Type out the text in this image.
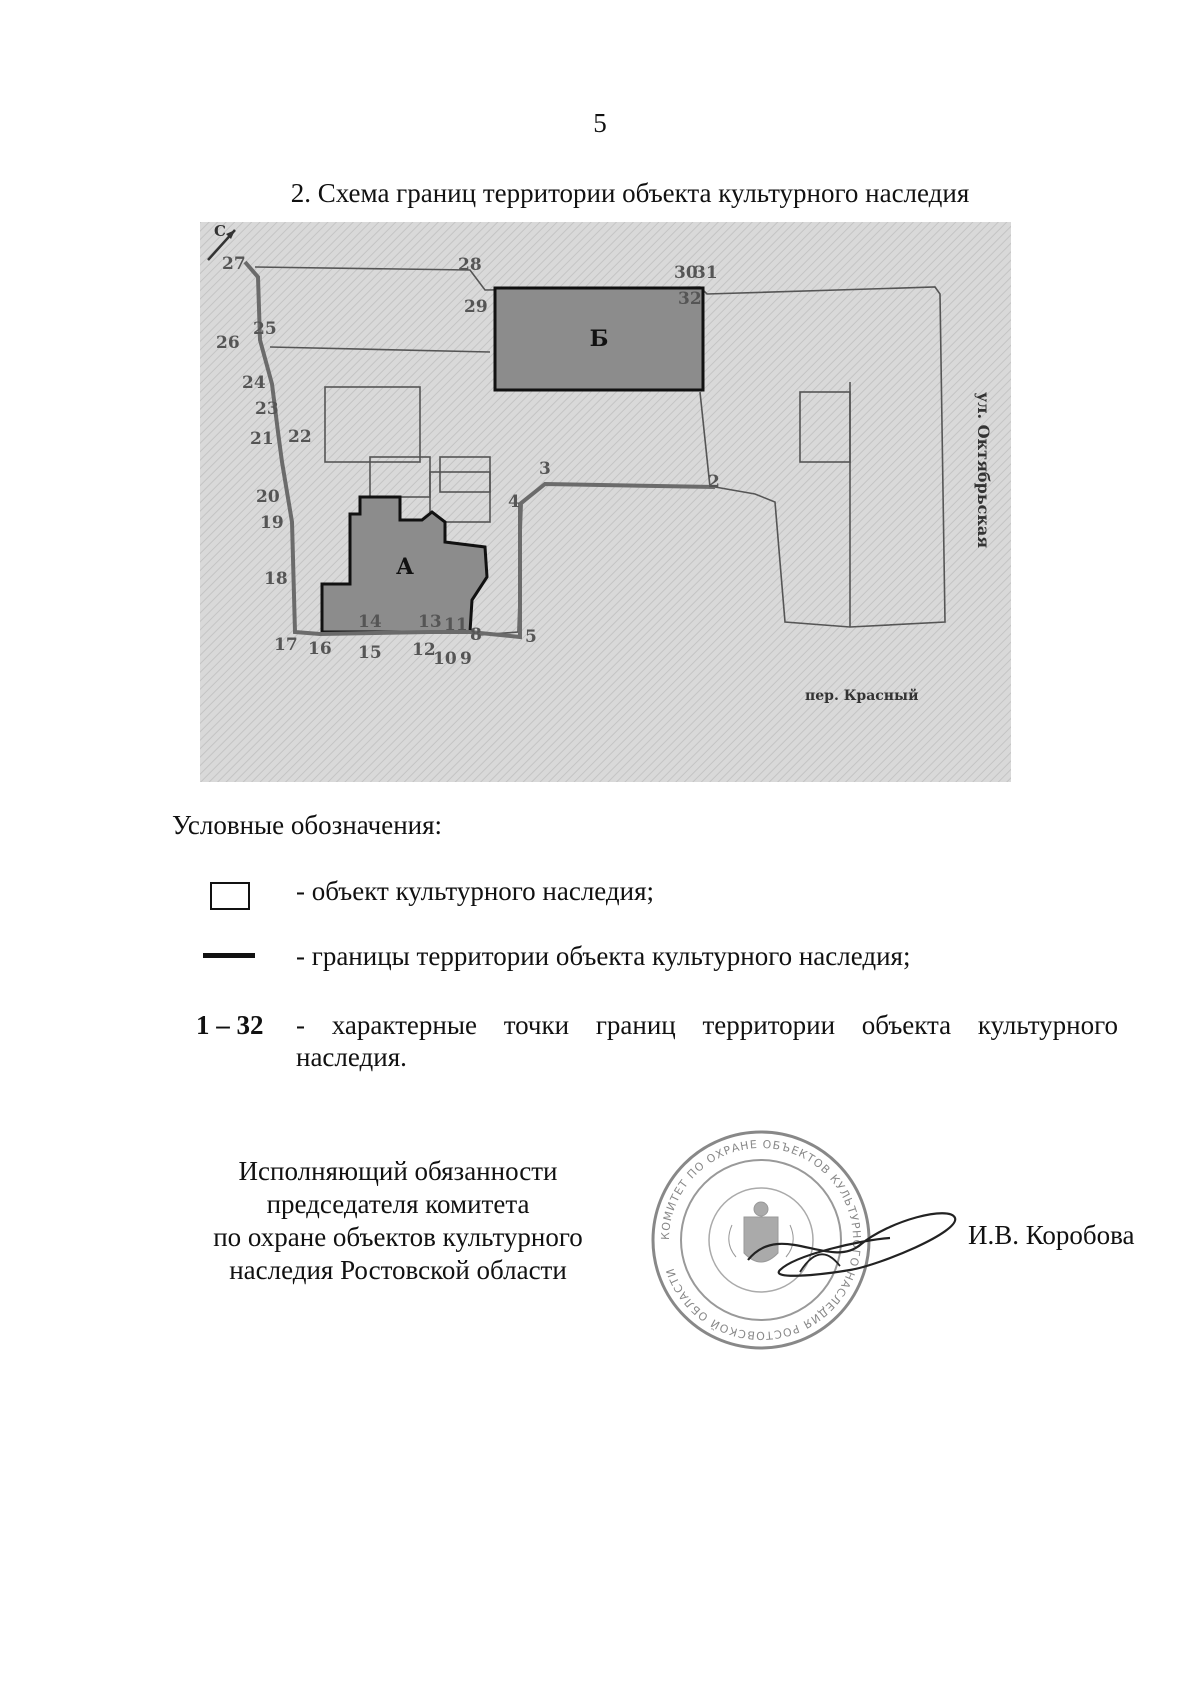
5
2. Схема границ территории объекта культурного наследия
Б
А
С
2
3
4
5
9
10
11
12
13
14
15
16
17
18
19
20
21 22
23
24
25
26
27	28
29
30
31
32
8
пер. Красный
ул. Октябрьская
Условные обозначения:
- объект культурного наследия;
- границы территории объекта культурного наследия;
1 – 32 - характерные точки границ территории объекта культурного
наследия.
Исполняющий обязанности
председателя комитета
по охране объектов культурного
наследия Ростовской области
КОМИТЕТ ПО ОХРАНЕ ОБЪЕКТОВ КУЛЬТУРНОГО НАСЛЕДИЯ РОСТОВСКОЙ ОБЛАСТИ
И.В. Коробова
